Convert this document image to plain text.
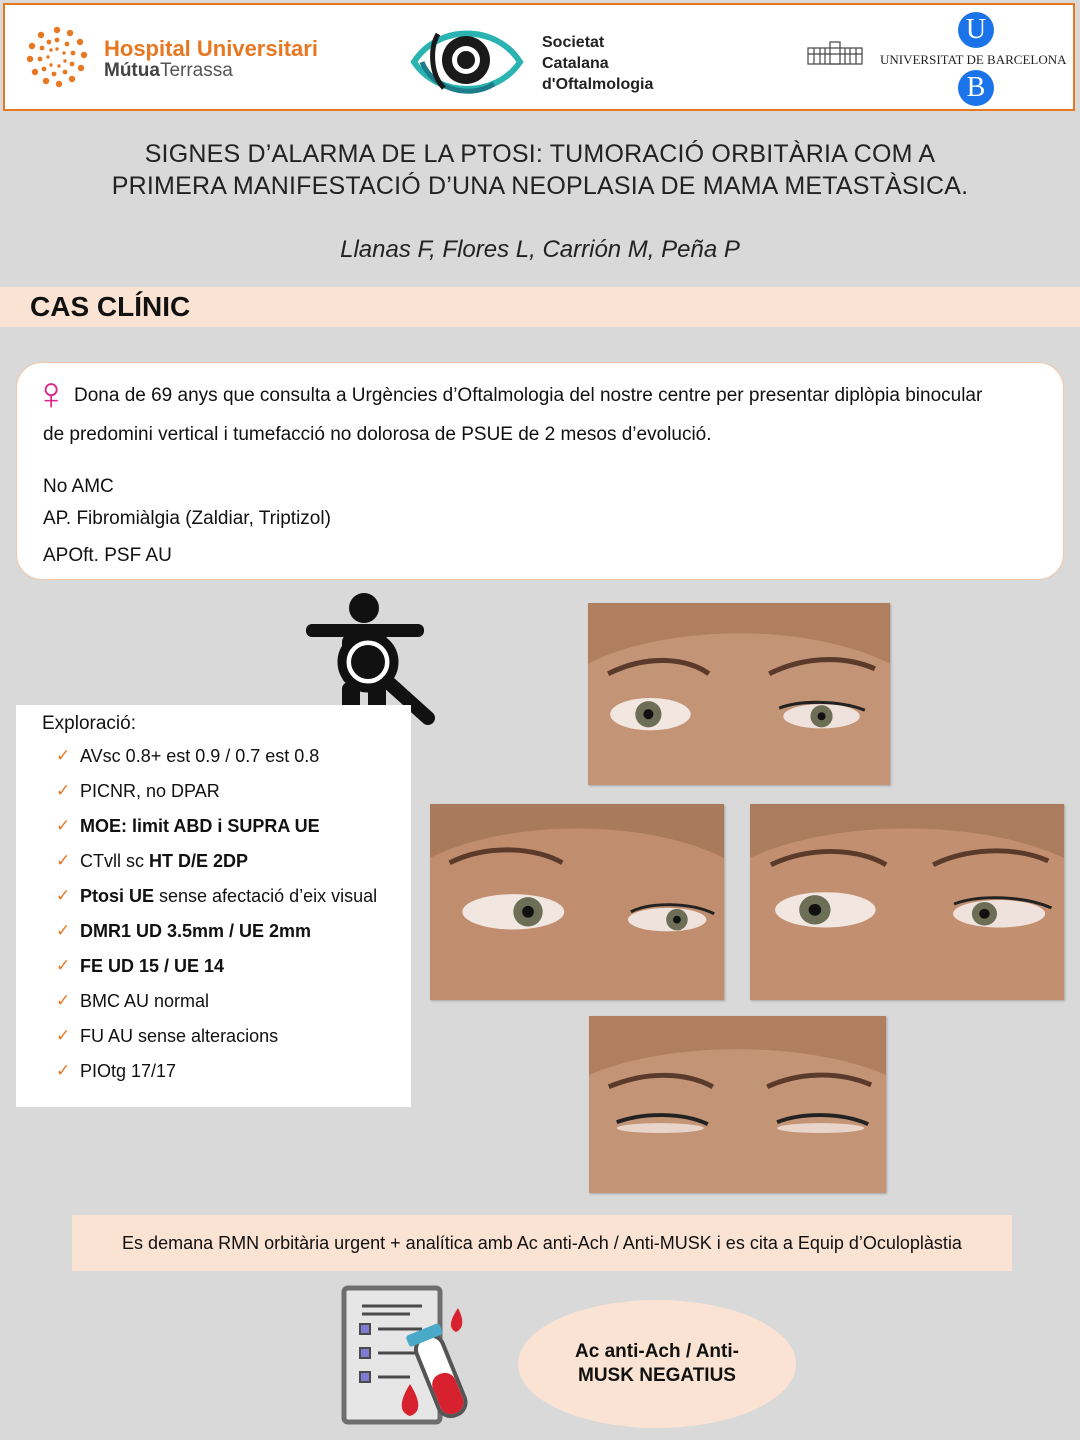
Hospital Universitari
MútuaTerrassa
Societat
Catalana
d'Oftalmologia
UNIVERSITAT DE BARCELONA
U
B
SIGNES D’ALARMA DE LA PTOSI: TUMORACIÓ ORBITÀRIA COM A
PRIMERA MANIFESTACIÓ D’UNA NEOPLASIA DE MAMA METASTÀSICA.
Llanas F, Flores L, Carrión M, Peña P
CAS CLÍNIC
♀ Dona de 69 anys que consulta a Urgències d’Oftalmologia del nostre centre per presentar diplòpia binocular
de predomini vertical i tumefacció no dolorosa de PSUE de 2 mesos d’evolució.
No AMC
AP. Fibromiàlgia (Zaldiar, Triptizol)
APOft. PSF AU
Exploració:
✓ AVsc 0.8+ est 0.9 / 0.7 est 0.8
✓ PICNR, no DPAR
✓ MOE: limit ABD i SUPRA UE
✓ CTvll sc HT D/E 2DP
✓ Ptosi UE sense afectació d’eix visual
✓ DMR1 UD 3.5mm / UE 2mm
✓ FE UD 15 / UE 14
✓ BMC AU normal
✓ FU AU sense alteracions
✓ PIOtg 17/17
Es demana RMN orbitària urgent + analítica amb Ac anti-Ach / Anti-MUSK i es cita a Equip d’Oculoplàstia
Ac anti-Ach / Anti-MUSK NEGATIUS
